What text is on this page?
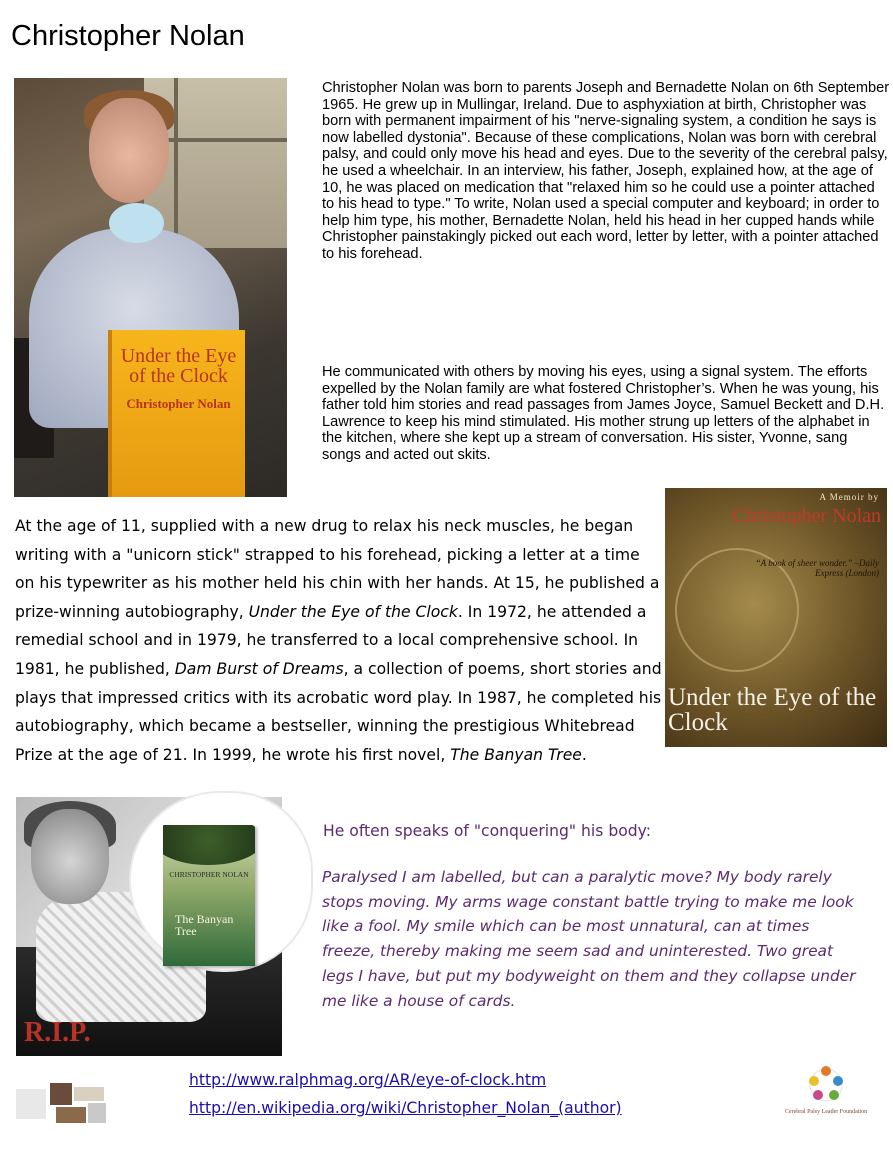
Christopher Nolan
Under the Eye of the Clock
Christopher Nolan

Christopher Nolan was born to parents Joseph and Bernadette Nolan on 6th September 1965. He grew up in Mullingar, Ireland. Due to asphyxiation at birth, Christopher was born with permanent impairment of his "nerve-signaling system, a condition he says is now labelled dystonia". Because of these complications, Nolan was born with cerebral palsy, and could only move his head and eyes. Due to the severity of the cerebral palsy, he used a wheelchair. In an interview, his father, Joseph, explained how, at the age of 10, he was placed on medication that "relaxed him so he could use a pointer attached to his head to type." To write, Nolan used a special computer and keyboard; in order to help him type, his mother, Bernadette Nolan, held his head in her cupped hands while Christopher painstakingly picked out each word, letter by letter, with a pointer attached to his forehead.

He communicated with others by moving his eyes, using a signal system. The efforts expelled by the Nolan family are what fostered Christopher’s. When he was young, his father told him stories and read passages from James Joyce, Samuel Beckett and D.H. Lawrence to keep his mind stimulated. His mother strung up letters of the alphabet in the kitchen, where she kept up a stream of conversation. His sister, Yvonne, sang songs and acted out skits.

A Memoir by
Christopher Nolan
“A book of sheer wonder.” –Daily Express (London)
Under the Eye of the Clock

At the age of 11, supplied with a new drug to relax his neck muscles, he began writing with a "unicorn stick" strapped to his forehead, picking a letter at a time on his typewriter as his mother held his chin with her hands. At 15, he published a prize-winning autobiography, Under the Eye of the Clock. In 1972, he attended a remedial school and in 1979, he transferred to a local comprehensive school. In 1981, he published, Dam Burst of Dreams, a collection of poems, short stories and plays that impressed critics with its acrobatic word play. In 1987, he completed his autobiography, which became a bestseller, winning the prestigious Whitebread Prize at the age of 21. In 1999, he wrote his first novel, The Banyan Tree.

R.I.P.
CHRISTOPHER NOLAN
The Banyan Tree

He often speaks of "conquering" his body:

Paralysed I am labelled, but can a paralytic move? My body rarely stops moving. My arms wage constant battle trying to make me look like a fool. My smile which can be most unnatural, can at times freeze, thereby making me seem sad and uninterested. Two great legs I have, but put my bodyweight on them and they collapse under me like a house of cards.

http://www.ralphmag.org/AR/eye-of-clock.htm
http://en.wikipedia.org/wiki/Christopher_Nolan_(author)	Cerebral Palsy Leader Foundation
